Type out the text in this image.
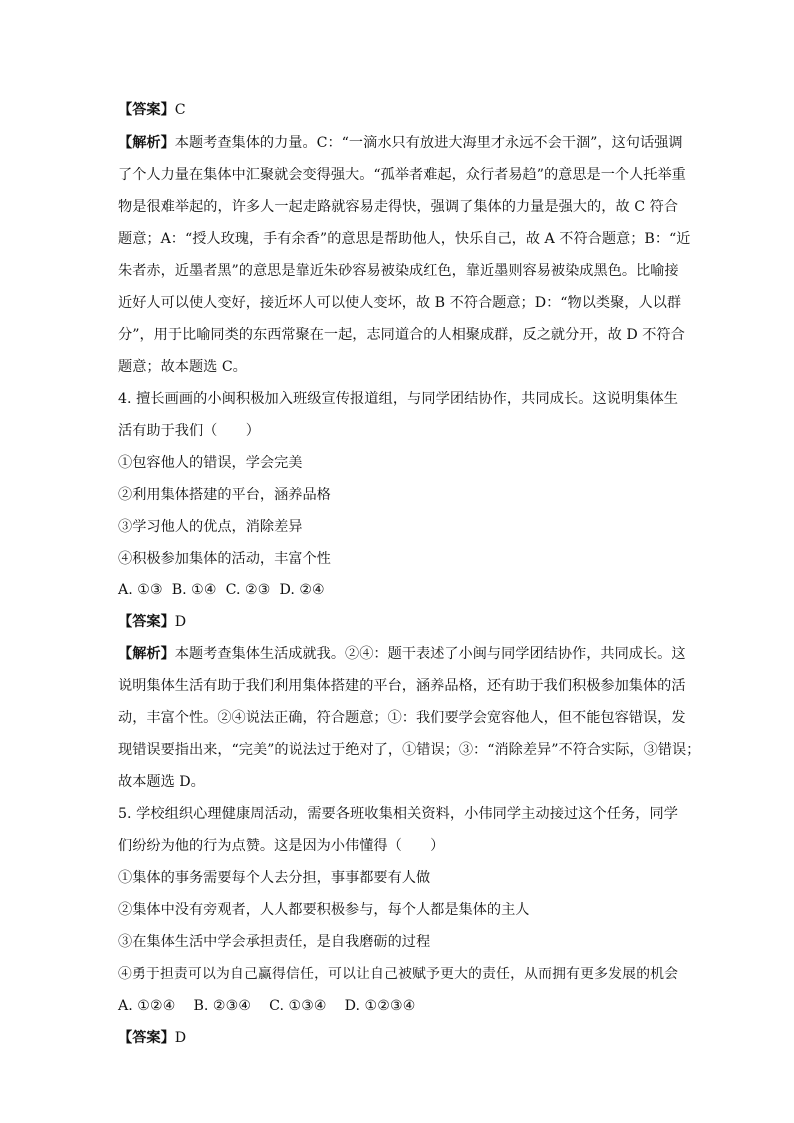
【答案】C
【解析】本题考查集体的力量。C：“一滴水只有放进大海里才永远不会干涸”，这句话强调
了个人力量在集体中汇聚就会变得强大。“孤举者难起，众行者易趋”的意思是一个人托举重
物是很难举起的，许多人一起走路就容易走得快，强调了集体的力量是强大的，故 C 符合
题意；A：“授人玫瑰，手有余香”的意思是帮助他人，快乐自己，故 A 不符合题意；B：“近
朱者赤，近墨者黑”的意思是靠近朱砂容易被染成红色，靠近墨则容易被染成黑色。比喻接
近好人可以使人变好，接近坏人可以使人变坏，故 B 不符合题意；D：“物以类聚，人以群
分”，用于比喻同类的东西常聚在一起，志同道合的人相聚成群，反之就分开，故 D 不符合
题意；故本题选 C。
4. 擅长画画的小闽积极加入班级宣传报道组，与同学团结协作，共同成长。这说明集体生
活有助于我们（　　）
①包容他人的错误，学会完美
②利用集体搭建的平台，涵养品格
③学习他人的优点，消除差异
④积极参加集体的活动，丰富个性
A. ①③  B. ①④  C. ②③  D. ②④
【答案】D
【解析】本题考查集体生活成就我。②④：题干表述了小闽与同学团结协作，共同成长。这
说明集体生活有助于我们利用集体搭建的平台，涵养品格，还有助于我们积极参加集体的活
动，丰富个性。②④说法正确，符合题意；①：我们要学会宽容他人，但不能包容错误，发
现错误要指出来，“完美”的说法过于绝对了，①错误；③：“消除差异”不符合实际，③错误；
故本题选 D。
5. 学校组织心理健康周活动，需要各班收集相关资料，小伟同学主动接过这个任务，同学
们纷纷为他的行为点赞。这是因为小伟懂得（　　）
①集体的事务需要每个人去分担，事事都要有人做
②集体中没有旁观者，人人都要积极参与，每个人都是集体的主人
③在集体生活中学会承担责任，是自我磨砺的过程
④勇于担责可以为自己赢得信任，可以让自己被赋予更大的责任，从而拥有更多发展的机会
A. ①②④    B. ②③④    C. ①③④    D. ①②③④
【答案】D
